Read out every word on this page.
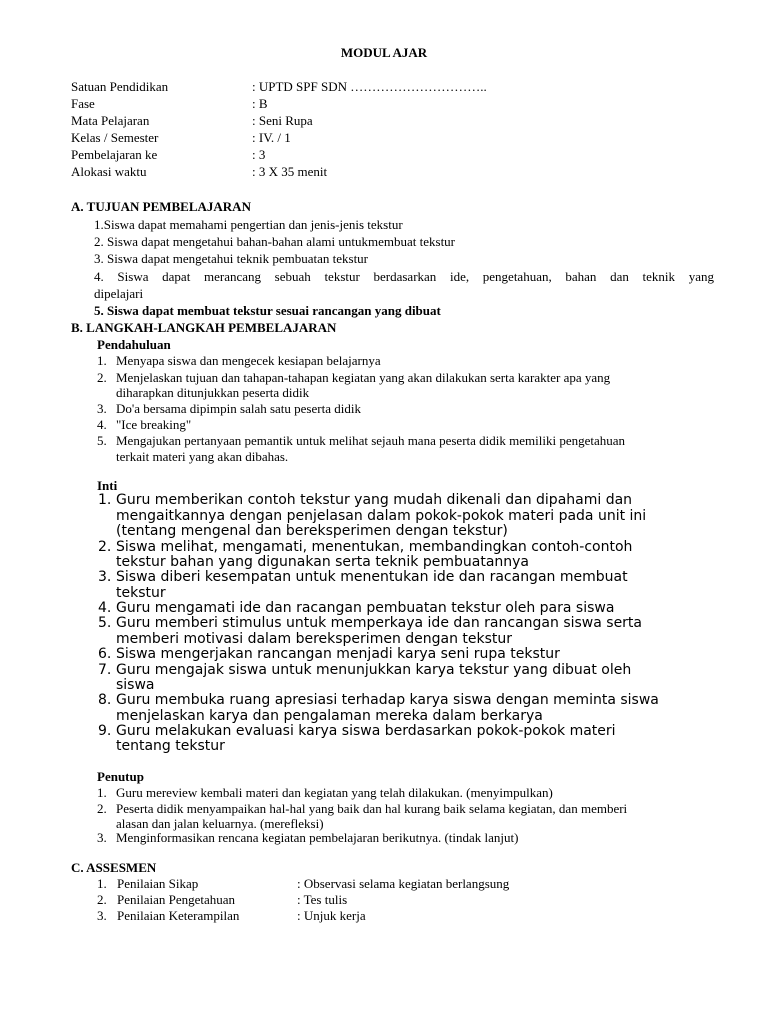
MODUL AJAR
Satuan Pendidikan	: UPTD SPF SDN …………………………..
Fase	: B
Mata Pelajaran	: Seni Rupa
Kelas / Semester	: IV. / 1
Pembelajaran ke	: 3
Alokasi waktu	: 3 X 35 menit
A. TUJUAN PEMBELAJARAN
1.Siswa dapat memahami pengertian dan jenis-jenis tekstur
2. Siswa dapat mengetahui bahan-bahan alami untukmembuat tekstur
3. Siswa dapat mengetahui teknik pembuatan tekstur
4. Siswa dapat merancang sebuah tekstur berdasarkan ide, pengetahuan, bahan dan teknik yang
dipelajari
5. Siswa dapat membuat tekstur sesuai rancangan yang dibuat
B. LANGKAH-LANGKAH PEMBELAJARAN
Pendahuluan
1. Menyapa siswa dan mengecek kesiapan belajarnya
2. Menjelaskan tujuan dan tahapan-tahapan kegiatan yang akan dilakukan serta karakter apa yang
diharapkan ditunjukkan peserta didik
3. Do'a bersama dipimpin salah satu peserta didik
4. "Ice breaking"
5. Mengajukan pertanyaan pemantik untuk melihat sejauh mana peserta didik memiliki pengetahuan
terkait materi yang akan dibahas.
Inti
1. Guru memberikan contoh tekstur yang mudah dikenali dan dipahami dan
mengaitkannya dengan penjelasan dalam pokok-pokok materi pada unit ini
(tentang mengenal dan bereksperimen dengan tekstur)
2. Siswa melihat, mengamati, menentukan, membandingkan contoh-contoh
tekstur bahan yang digunakan serta teknik pembuatannya
3. Siswa diberi kesempatan untuk menentukan ide dan racangan membuat
tekstur
4. Guru mengamati ide dan racangan pembuatan tekstur oleh para siswa
5. Guru memberi stimulus untuk memperkaya ide dan rancangan siswa serta
memberi motivasi dalam bereksperimen dengan tekstur
6. Siswa mengerjakan rancangan menjadi karya seni rupa tekstur
7. Guru mengajak siswa untuk menunjukkan karya tekstur yang dibuat oleh
siswa
8. Guru membuka ruang apresiasi terhadap karya siswa dengan meminta siswa
menjelaskan karya dan pengalaman mereka dalam berkarya
9. Guru melakukan evaluasi karya siswa berdasarkan pokok-pokok materi
tentang tekstur
Penutup
1. Guru mereview kembali materi dan kegiatan yang telah dilakukan. (menyimpulkan)
2. Peserta didik menyampaikan hal-hal yang baik dan hal kurang baik selama kegiatan, dan memberi
alasan dan jalan keluarnya. (merefleksi)
3. Menginformasikan rencana kegiatan pembelajaran berikutnya. (tindak lanjut)
C. ASSESMEN
1. Penilaian Sikap	: Observasi selama kegiatan berlangsung
2. Penilaian Pengetahuan	: Tes tulis
3. Penilaian Keterampilan	: Unjuk kerja
